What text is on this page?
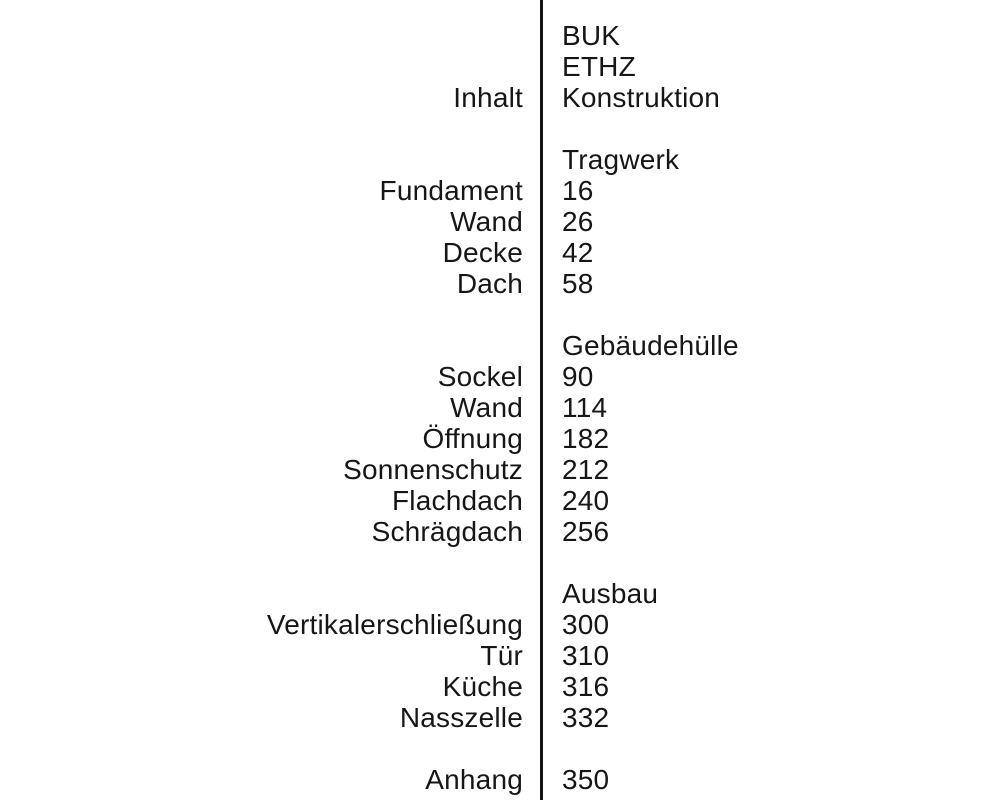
BUK
ETHZ
Inhalt	Konstruktion
Tragwerk
Fundament	16
Wand	26
Decke	42
Dach	58
Gebäudehülle
Sockel	90
Wand	114
Öffnung	182
Sonnenschutz	212
Flachdach	240
Schrägdach	256
Ausbau
Vertikalerschließung	300
Tür	310
Küche	316
Nasszelle	332
Anhang	350
